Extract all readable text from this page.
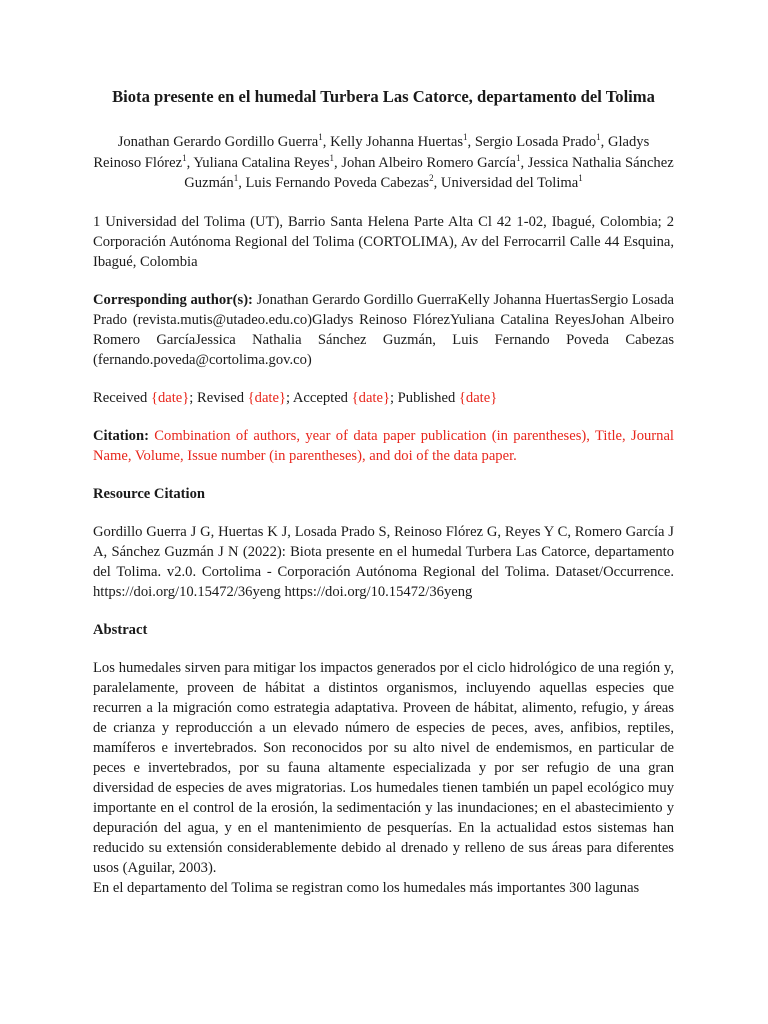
Biota presente en el humedal Turbera Las Catorce, departamento del Tolima
Jonathan Gerardo Gordillo Guerra$^1$, Kelly Johanna Huertas$^1$, Sergio Losada Prado$^1$, Gladys Reinoso Flórez$^1$, Yuliana Catalina Reyes$^1$, Johan Albeiro Romero García$^1$, Jessica Nathalia Sánchez Guzmán$^1$, Luis Fernando Poveda Cabezas$^2$, Universidad del Tolima$^1$

1 Universidad del Tolima (UT), Barrio Santa Helena Parte Alta Cl 42 1-02, Ibagué, Colombia; 2 Corporación Autónoma Regional del Tolima (CORTOLIMA), Av del Ferrocarril Calle 44 Esquina, Ibagué, Colombia

Corresponding author(s): Jonathan Gerardo Gordillo GuerraKelly Johanna HuertasSergio Losada Prado (revista.mutis@utadeo.edu.co)Gladys Reinoso FlórezYuliana Catalina ReyesJohan Albeiro Romero GarcíaJessica Nathalia Sánchez Guzmán, Luis Fernando Poveda Cabezas (fernando.poveda@cortolima.gov.co)

Received {date}; Revised {date}; Accepted {date}; Published {date}

Citation: Combination of authors, year of data paper publication (in parentheses), Title, Journal Name, Volume, Issue number (in parentheses), and doi of the data paper.

Resource Citation

Gordillo Guerra J G, Huertas K J, Losada Prado S, Reinoso Flórez G, Reyes Y C, Romero García J A, Sánchez Guzmán J N (2022): Biota presente en el humedal Turbera Las Catorce, departamento del Tolima. v2.0. Cortolima - Corporación Autónoma Regional del Tolima. Dataset/Occurrence. https://doi.org/10.15472/36yeng https://doi.org/10.15472/36yeng

Abstract

Los humedales sirven para mitigar los impactos generados por el ciclo hidrológico de una región y, paralelamente, proveen de hábitat a distintos organismos, incluyendo aquellas especies que recurren a la migración como estrategia adaptativa. Proveen de hábitat, alimento, refugio, y áreas de crianza y reproducción a un elevado número de especies de peces, aves, anfibios, reptiles, mamíferos e invertebrados. Son reconocidos por su alto nivel de endemismos, en particular de peces e invertebrados, por su fauna altamente especializada y por ser refugio de una gran diversidad de especies de aves migratorias. Los humedales tienen también un papel ecológico muy importante en el control de la erosión, la sedimentación y las inundaciones; en el abastecimiento y depuración del agua, y en el mantenimiento de pesquerías. En la actualidad estos sistemas han reducido su extensión considerablemente debido al drenado y relleno de sus áreas para diferentes usos (Aguilar, 2003).

En el departamento del Tolima se registran como los humedales más importantes 300 lagunas
